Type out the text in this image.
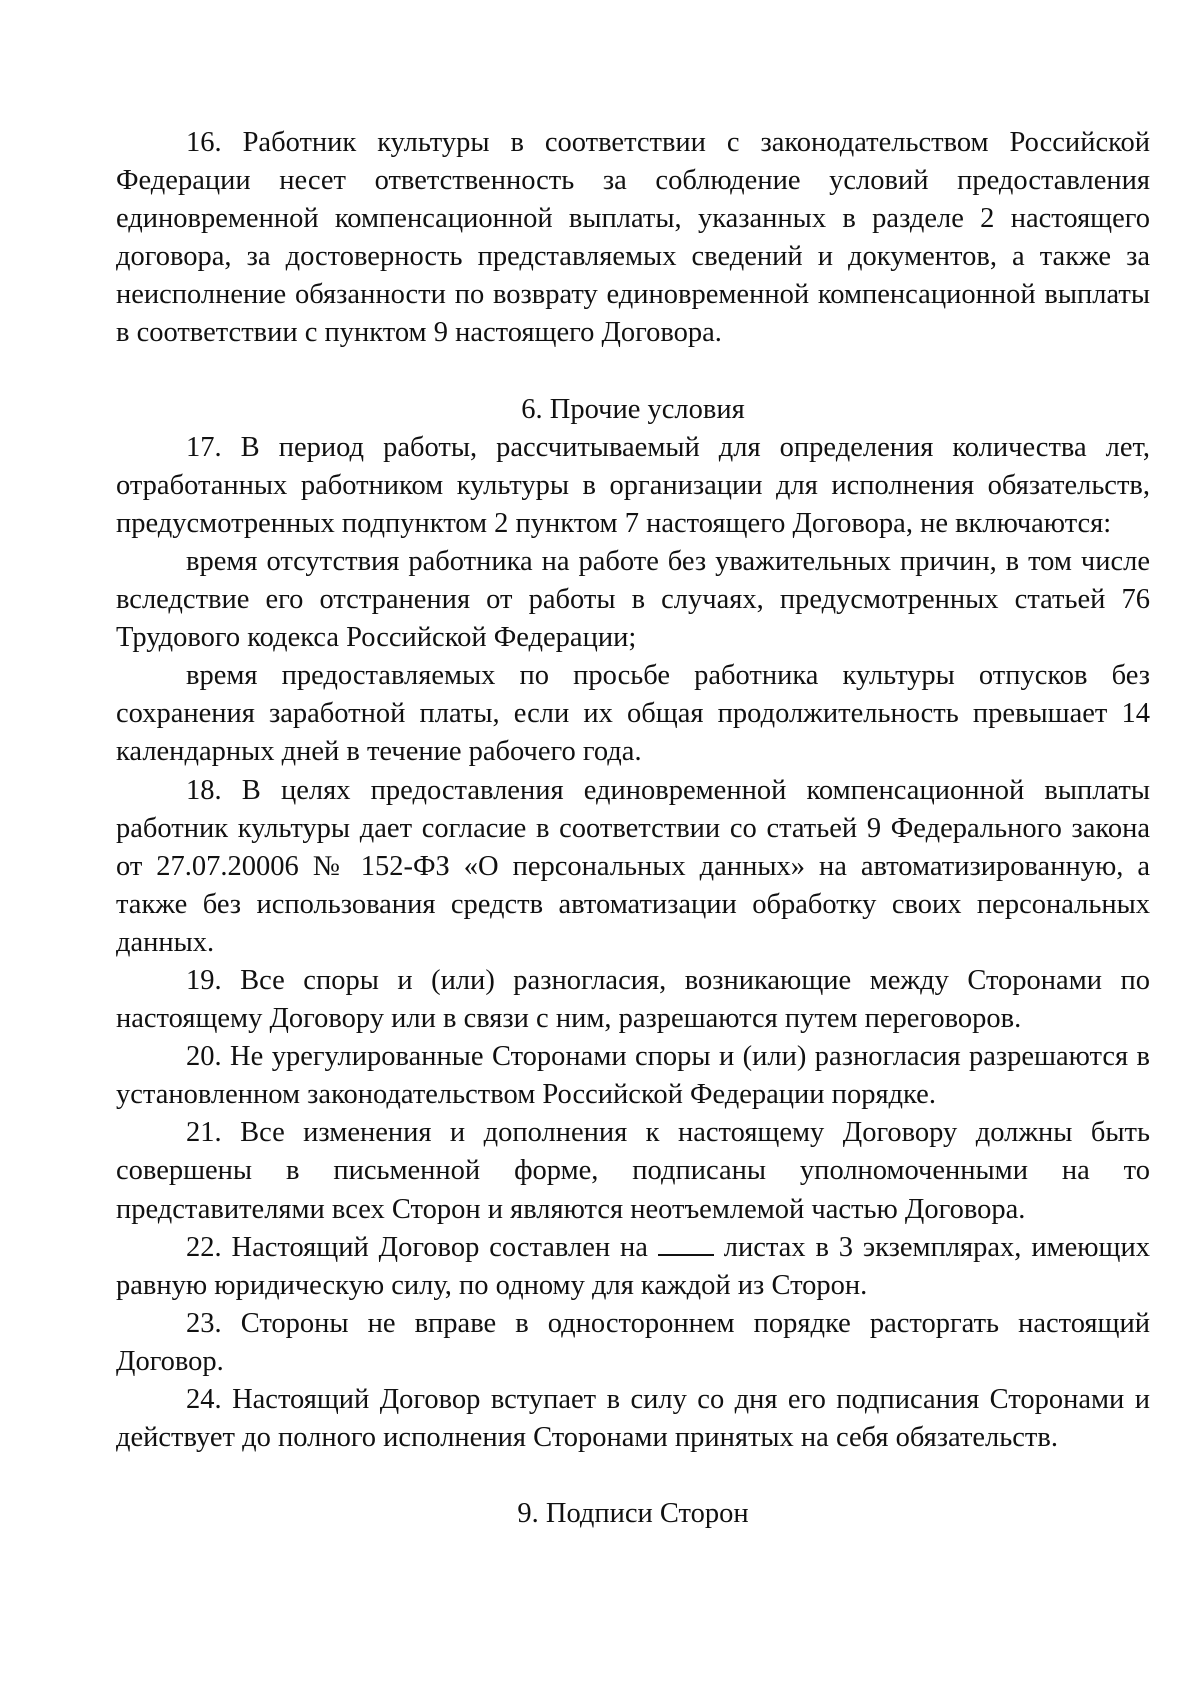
16. Работник культуры в соответствии с законодательством Российской Федерации несет ответственность за соблюдение условий предоставления единовременной компенсационной выплаты, указанных в разделе 2 настоящего договора, за достоверность представляемых сведений и документов, а также за неисполнение обязанности по возврату единовременной компенсационной выплаты в соответствии с пунктом 9 настоящего Договора.

6. Прочие условия

17. В период работы, рассчитываемый для определения количества лет, отработанных работником культуры в организации для исполнения обязательств, предусмотренных подпунктом 2 пунктом 7 настоящего Договора, не включаются:

время отсутствия работника на работе без уважительных причин, в том числе вследствие его отстранения от работы в случаях, предусмотренных статьей 76 Трудового кодекса Российской Федерации;

время предоставляемых по просьбе работника культуры отпусков без сохранения заработной платы, если их общая продолжительность превышает 14 календарных дней в течение рабочего года.

18. В целях предоставления единовременной компенсационной выплаты работник культуры дает согласие в соответствии со статьей 9 Федерального закона от 27.07.20006 № 152-ФЗ «О персональных данных» на автоматизированную, а также без использования средств автоматизации обработку своих персональных данных.

19. Все споры и (или) разногласия, возникающие между Сторонами по настоящему Договору или в связи с ним, разрешаются путем переговоров.

20. Не урегулированные Сторонами споры и (или) разногласия разрешаются в установленном законодательством Российской Федерации порядке.

21. Все изменения и дополнения к настоящему Договору должны быть совершены в письменной форме, подписаны уполномоченными на то представителями всех Сторон и являются неотъемлемой частью Договора.

22. Настоящий Договор составлен на  листах в 3 экземплярах, имеющих равную юридическую силу, по одному для каждой из Сторон.

23. Стороны не вправе в одностороннем порядке расторгать настоящий Договор.

24. Настоящий Договор вступает в силу со дня его подписания Сторонами и действует до полного исполнения Сторонами принятых на себя обязательств.

9. Подписи Сторон
